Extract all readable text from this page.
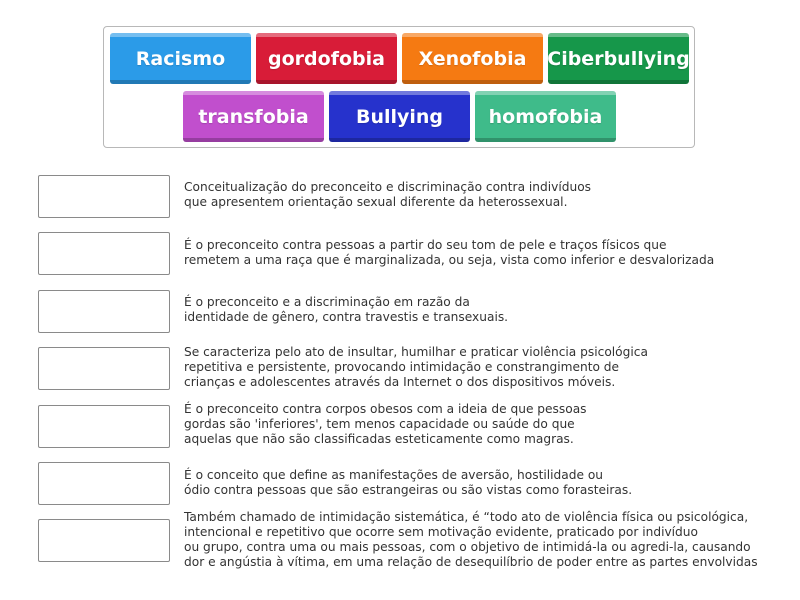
Racismo	gordofobia	Xenofobia	Ciberbullying
transfobia	Bullying	homofobia
Conceitualização do preconceito e discriminação contra indivíduos
que apresentem orientação sexual diferente da heterossexual.
É o preconceito contra pessoas a partir do seu tom de pele e traços físicos que
remetem a uma raça que é marginalizada, ou seja, vista como inferior e desvalorizada
É o preconceito e a discriminação em razão da
identidade de gênero, contra travestis e transexuais.
Se caracteriza pelo ato de insultar, humilhar e praticar violência psicológica
repetitiva e persistente, provocando intimidação e constrangimento de
crianças e adolescentes através da Internet o dos dispositivos móveis.
É o preconceito contra corpos obesos com a ideia de que pessoas
gordas são 'inferiores', tem menos capacidade ou saúde do que
aquelas que não são classificadas esteticamente como magras.
É o conceito que define as manifestações de aversão, hostilidade ou
ódio contra pessoas que são estrangeiras ou são vistas como forasteiras.
Também chamado de intimidação sistemática, é “todo ato de violência física ou psicológica,
intencional e repetitivo que ocorre sem motivação evidente, praticado por indivíduo
ou grupo, contra uma ou mais pessoas, com o objetivo de intimidá-la ou agredi-la, causando
dor e angústia à vítima, em uma relação de desequilíbrio de poder entre as partes envolvidas
